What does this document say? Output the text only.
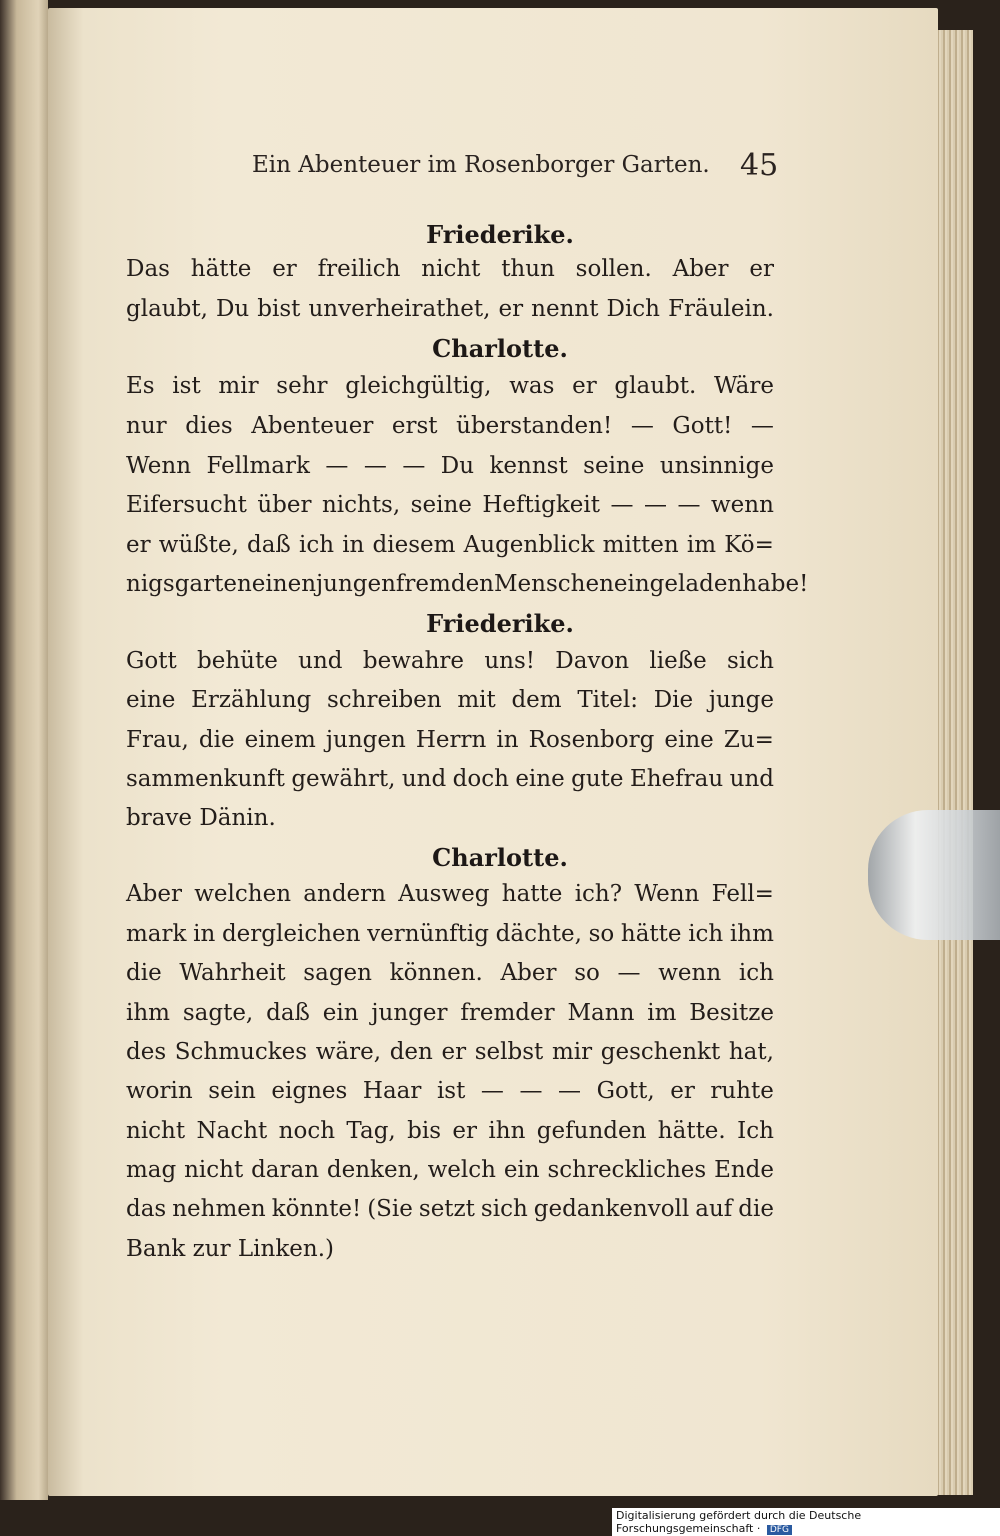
Ein Abenteuer im Rosenborger Garten. 45
Friederike.
Das hätte er freilich nicht thun sollen. Aber er
glaubt, Du bist unverheirathet, er nennt Dich Fräulein.
Charlotte.
Es ist mir sehr gleichgültig, was er glaubt. Wäre
nur dies Abenteuer erst überstanden! — Gott! —
Wenn Fellmark — — — Du kennst seine unsinnige
Eifersucht über nichts, seine Heftigkeit — — — wenn
er wüßte, daß ich in diesem Augenblick mitten im Kö=
nigsgarten einen jungen fremden Menschen eingeladen habe!
Friederike.
Gott behüte und bewahre uns! Davon ließe sich
eine Erzählung schreiben mit dem Titel: Die junge
Frau, die einem jungen Herrn in Rosenborg eine Zu=
sammenkunft gewährt, und doch eine gute Ehefrau und
brave Dänin.
Charlotte.
Aber welchen andern Ausweg hatte ich? Wenn Fell=
mark in dergleichen vernünftig dächte, so hätte ich ihm
die Wahrheit sagen können. Aber so — wenn ich
ihm sagte, daß ein junger fremder Mann im Besitze
des Schmuckes wäre, den er selbst mir geschenkt hat,
worin sein eignes Haar ist — — — Gott, er ruhte
nicht Nacht noch Tag, bis er ihn gefunden hätte. Ich
mag nicht daran denken, welch ein schreckliches Ende
das nehmen könnte! (Sie setzt sich gedankenvoll auf die
Bank zur Linken.)
Digitalisierung gefördert durch die Deutsche Forschungsgemeinschaft · DFG
